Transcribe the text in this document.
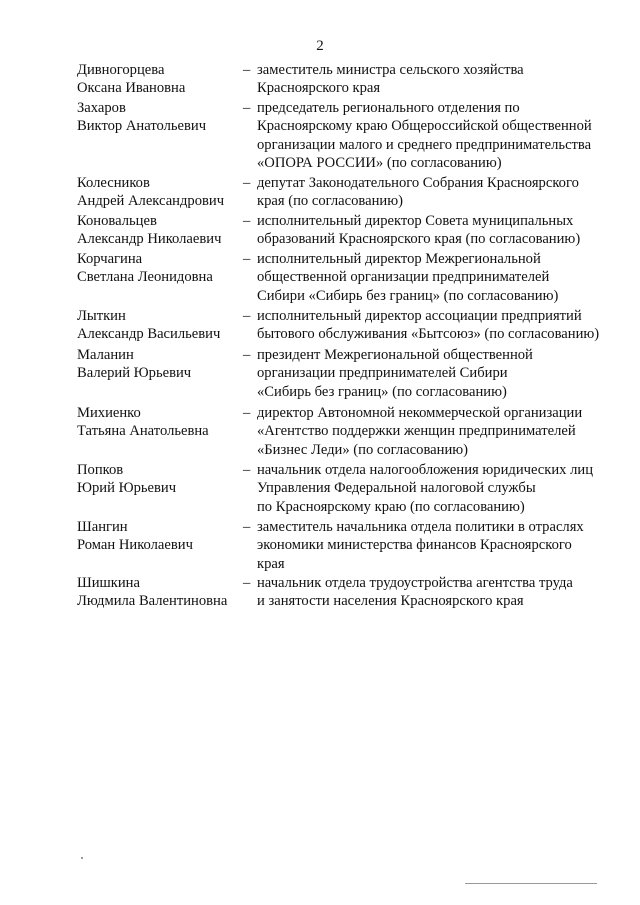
2
Дивногорцева
Оксана Ивановна
– заместитель министра сельского хозяйства
Красноярского края
Захаров
Виктор Анатольевич
– председатель регионального отделения по
Красноярскому краю Общероссийской общественной
организации малого и среднего предпринимательства
«ОПОРА РОССИИ» (по согласованию)
Колесников
Андрей Александрович
– депутат Законодательного Собрания Красноярского
края (по согласованию)
Коновальцев
Александр Николаевич
– исполнительный директор Совета муниципальных
образований Красноярского края (по согласованию)
Корчагина
Светлана Леонидовна
– исполнительный директор Межрегиональной
общественной организации предпринимателей
Сибири «Сибирь без границ» (по согласованию)
Лыткин
Александр Васильевич
– исполнительный директор ассоциации предприятий
бытового обслуживания «Бытсоюз» (по согласованию)
Маланин
Валерий Юрьевич
– президент Межрегиональной общественной
организации предпринимателей Сибири
«Сибирь без границ» (по согласованию)
Михиенко
Татьяна Анатольевна
– директор Автономной некоммерческой организации
«Агентство поддержки женщин предпринимателей
«Бизнес Леди» (по согласованию)
Попков
Юрий Юрьевич
– начальник отдела налогообложения юридических лиц
Управления Федеральной налоговой службы
по Красноярскому краю (по согласованию)
Шангин
Роман Николаевич
– заместитель начальника отдела политики в отраслях
экономики министерства финансов Красноярского
края
Шишкина
Людмила Валентиновна
– начальник отдела трудоустройства агентства труда
и занятости населения Красноярского края
